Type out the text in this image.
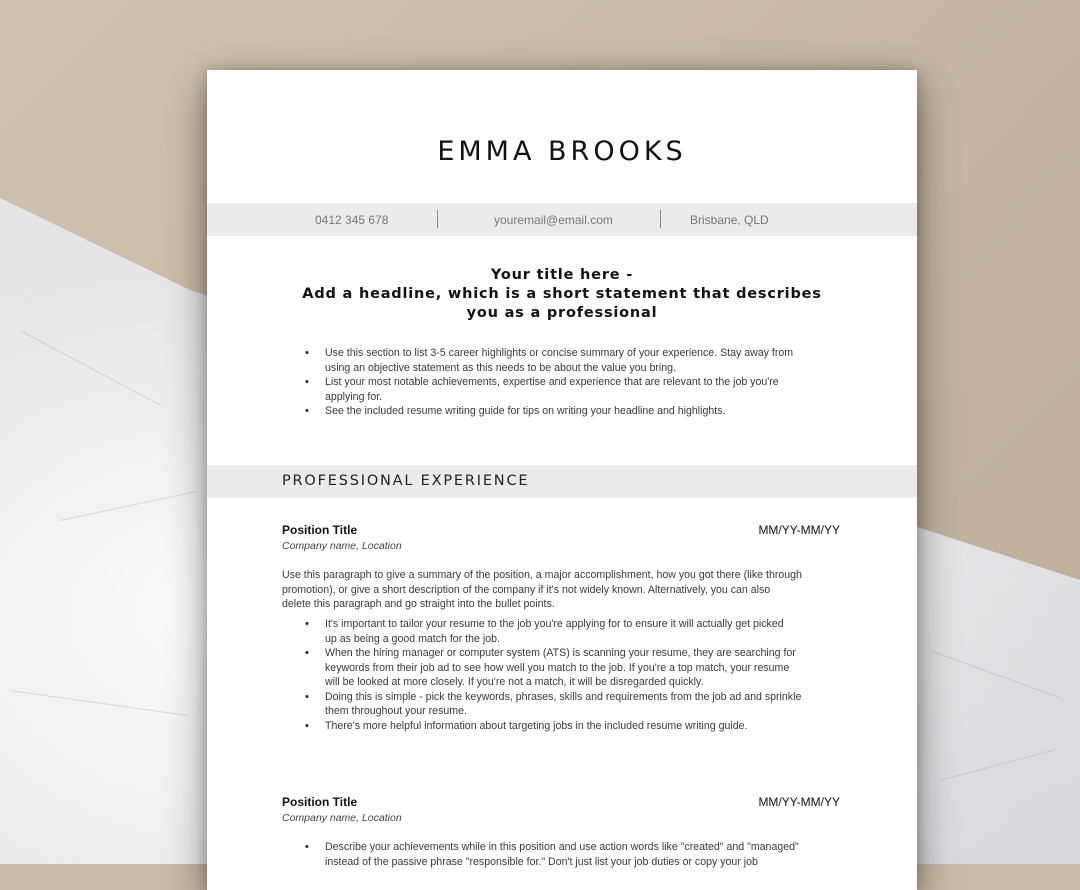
EMMA BROOKS
0412 345 678	youremail@email.com	Brisbane, QLD
Your title here -
Add a headline, which is a short statement that describes
you as a professional
• Use this section to list 3-5 career highlights or concise summary of your experience. Stay away from
using an objective statement as this needs to be about the value you bring.
• List your most notable achievements, expertise and experience that are relevant to the job you're
applying for.
• See the included resume writing guide for tips on writing your headline and highlights.
PROFESSIONAL EXPERIENCE
Position Title	MM/YY-MM/YY
Company name, Location
Use this paragraph to give a summary of the position, a major accomplishment, how you got there (like through
promotion), or give a short description of the company if it's not widely known. Alternatively, you can also
delete this paragraph and go straight into the bullet points.
• It's important to tailor your resume to the job you're applying for to ensure it will actually get picked
up as being a good match for the job.
• When the hiring manager or computer system (ATS) is scanning your resume, they are searching for
keywords from their job ad to see how well you match to the job. If you're a top match, your resume
will be looked at more closely. If you're not a match, it will be disregarded quickly.
• Doing this is simple - pick the keywords, phrases, skills and requirements from the job ad and sprinkle
them throughout your resume.
• There's more helpful information about targeting jobs in the included resume writing guide.
Position Title	MM/YY-MM/YY
Company name, Location
• Describe your achievements while in this position and use action words like "created" and "managed"
instead of the passive phrase "responsible for." Don't just list your job duties or copy your job
